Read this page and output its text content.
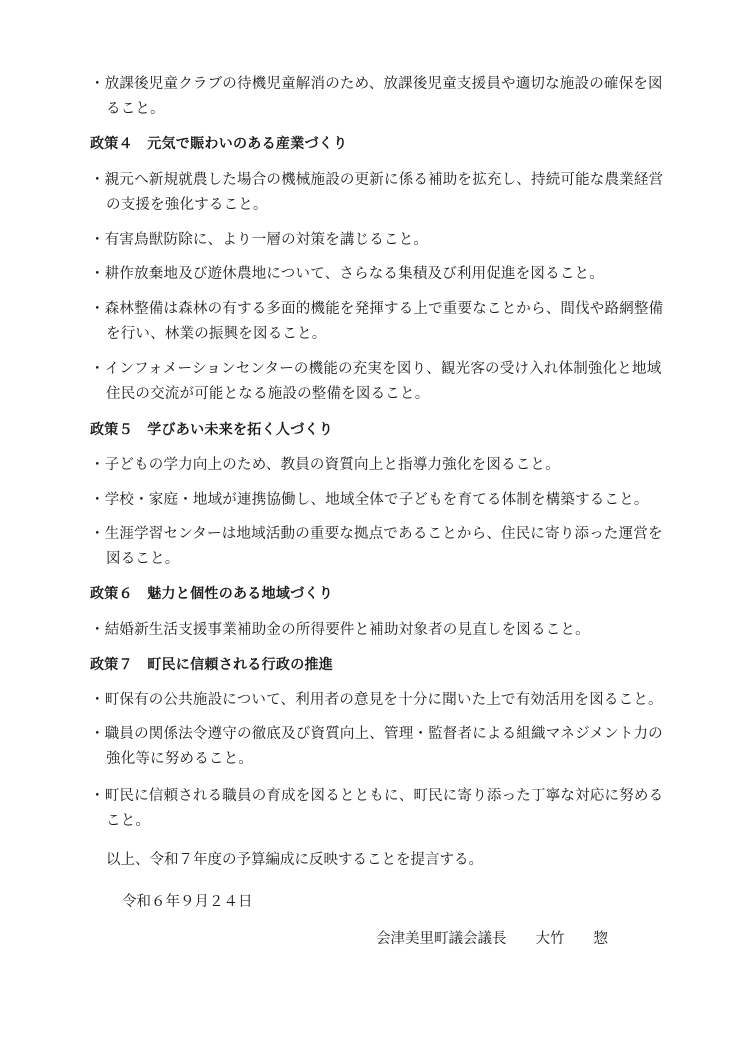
・放課後児童クラブの待機児童解消のため、放課後児童支援員や適切な施設の確保を図
ること。
政策４　元気で賑わいのある産業づくり
・親元へ新規就農した場合の機械施設の更新に係る補助を拡充し、持続可能な農業経営
の支援を強化すること。
・有害鳥獣防除に、より一層の対策を講じること。
・耕作放棄地及び遊休農地について、さらなる集積及び利用促進を図ること。
・森林整備は森林の有する多面的機能を発揮する上で重要なことから、間伐や路網整備
を行い、林業の振興を図ること。
・インフォメーションセンターの機能の充実を図り、観光客の受け入れ体制強化と地域
住民の交流が可能となる施設の整備を図ること。
政策５　学びあい未来を拓く人づくり
・子どもの学力向上のため、教員の資質向上と指導力強化を図ること。
・学校・家庭・地域が連携協働し、地域全体で子どもを育てる体制を構築すること。
・生涯学習センターは地域活動の重要な拠点であることから、住民に寄り添った運営を
図ること。
政策６　魅力と個性のある地域づくり
・結婚新生活支援事業補助金の所得要件と補助対象者の見直しを図ること。
政策７　町民に信頼される行政の推進
・町保有の公共施設について、利用者の意見を十分に聞いた上で有効活用を図ること。
・職員の関係法令遵守の徹底及び資質向上、管理・監督者による組織マネジメント力の
強化等に努めること。
・町民に信頼される職員の育成を図るとともに、町民に寄り添った丁寧な対応に努める
こと。
以上、令和７年度の予算編成に反映することを提言する。
令和６年９月２４日
会津美里町議会議長　　大竹　　惣
